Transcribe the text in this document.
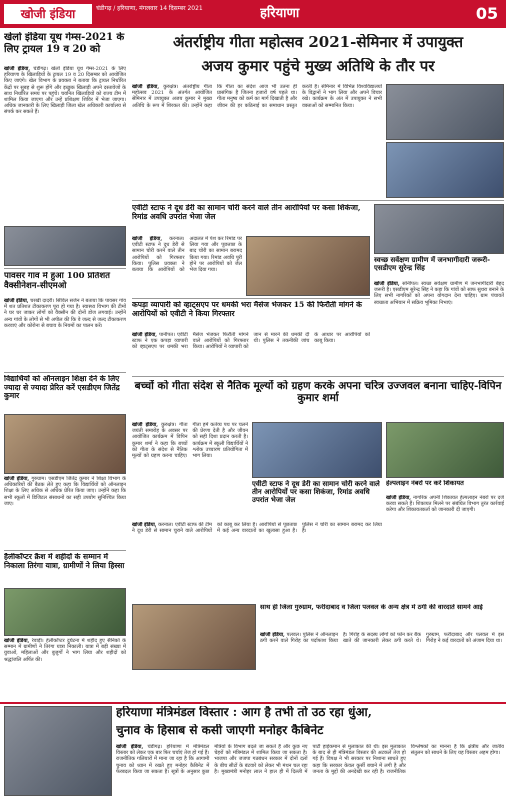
खोजी इंडिया	चंडीगढ़ / हरियाणा, मंगलवार 14 दिसम्बर 2021	हरियाणा	05
खेलो इंडिया यूथ गेम्स-2021 के लिए ट्रायल 19 व 20 को
खोजी इंडिया, चंडीगढ़। खेलो इंडिया यूथ गेम्स-2021 के लिए हरियाणा के खिलाड़ियों के ट्रायल 19 व 20 दिसम्बर को आयोजित किए जाएंगे। खेल विभाग के प्रवक्ता ने बताया कि ट्रायल निर्धारित केंद्रों पर सुबह से शुरू होंगे और इच्छुक खिलाड़ी अपने दस्तावेजों के साथ निर्धारित समय पर पहुंचें। चयनित खिलाड़ियों को राज्य टीम में शामिल किया जाएगा और उन्हें प्रशिक्षण शिविर में भेजा जाएगा। अधिक जानकारी के लिए खिलाड़ी जिला खेल अधिकारी कार्यालय से संपर्क कर सकते हैं।
पावसर गांव में हुआ 100 प्रतिशत वैक्सीनेशन-सीएमओ
खोजी इंडिया, चरखी दादरी। सिविल सर्जन ने बताया कि पावसर गांव में शत प्रतिशत टीकाकरण पूरा हो गया है। स्वास्थ्य विभाग की टीमों ने घर घर जाकर लोगों को वैक्सीन की दोनों डोज लगवाई। उन्होंने अन्य गांवों के लोगों से भी अपील की कि वे जल्द से जल्द टीकाकरण करवाएं और कोरोना से बचाव के नियमों का पालन करें।
विद्यार्थियों को ऑनलाइन शिक्षा देने के लिए ज्यादा से ज्यादा प्रेरित करें एसडीएम जितेंद्र कुमार
खोजी इंडिया, गुरुग्राम। एसडीएम जितेंद्र कुमार ने शिक्षा विभाग के अधिकारियों की बैठक लेते हुए कहा कि विद्यार्थियों को ऑनलाइन शिक्षा के लिए अधिक से अधिक प्रेरित किया जाए। उन्होंने कहा कि सभी स्कूलों में डिजिटल संसाधनों का सही उपयोग सुनिश्चित किया जाए।
हैलीकॉप्टर क्रैश में शहीदों के सम्मान में निकाला तिरंगा यात्रा, ग्रामीणों ने लिया हिस्सा
खोजी इंडिया, रेवाड़ी। हेलीकॉप्टर दुर्घटना में शहीद हुए सैनिकों के सम्मान में ग्रामीणों ने तिरंगा यात्रा निकाली। यात्रा में बड़ी संख्या में युवाओं, महिलाओं और बुजुर्गों ने भाग लिया और शहीदों को श्रद्धांजलि अर्पित की।
अंतर्राष्ट्रीय गीता महोत्सव 2021-सेमिनार में उपायुक्त
अजय कुमार पहुंचे मुख्य अतिथि के तौर पर
खोजी इंडिया, कुरुक्षेत्र। अंतर्राष्ट्रीय गीता महोत्सव 2021 के अंतर्गत आयोजित सेमिनार में उपायुक्त अजय कुमार ने मुख्य अतिथि के रूप में शिरकत की। उन्होंने कहा कि गीता का संदेश आज भी उतना ही प्रासंगिक है जितना हजारों वर्ष पहले था। गीता मनुष्य को कर्म का मार्ग दिखाती है और जीवन की हर कठिनाई का समाधान प्रस्तुत करती है। सेमिनार में विभिन्न विश्वविद्यालयों के विद्वानों ने भाग लिया और अपने विचार रखे। कार्यक्रम के अंत में उपायुक्त ने सभी वक्ताओं को सम्मानित किया।
एवीटी स्टाफ ने दूध डेरी का सामान चोरी करने वाले तीन आरोपियों पर कसा शिकंजा, रिमांड अवधि उपरांत भेजा जेल
खोजी इंडिया, करनाल। एवीटी स्टाफ ने दूध डेरी से सामान चोरी करने वाले तीन आरोपियों को गिरफ्तार किया। पुलिस प्रवक्ता ने बताया कि आरोपियों को अदालत में पेश कर रिमांड पर लिया गया और पूछताछ के बाद चोरी का सामान बरामद किया गया। रिमांड अवधि पूरी होने पर आरोपियों को जेल भेज दिया गया।
कपड़ा व्यापारी को व्हाट्सएप पर धमकी भरा मैसेज भेजकर 15 की फिरौती मांगने के आरोपियों को एवीटी ने किया गिरफ्तार
खोजी इंडिया, पानीपत। एवीटी स्टाफ ने एक कपड़ा व्यापारी को व्हाट्सएप पर धमकी भरा मैसेज भेजकर फिरौती मांगने वाले आरोपियों को गिरफ्तार किया। आरोपियों ने व्यापारी को जान से मारने की धमकी दी थी। पुलिस ने तकनीकी जांच के आधार पर आरोपियों को काबू किया।
स्वच्छ सर्वेक्षण ग्रामीण में जनभागीदारी जरूरी-एसडीएम सुरेन्द्र सिंह
खोजी इंडिया, सोनीपत। स्वच्छ सर्वेक्षण ग्रामीण में जनभागीदारी बेहद जरूरी है। एसडीएम सुरेन्द्र सिंह ने कहा कि गांवों को साफ सुथरा बनाने के लिए सभी नागरिकों को अपना योगदान देना चाहिए। ग्राम पंचायतें स्वच्छता अभियान में सक्रिय भूमिका निभाएं।
बच्चों को गीता संदेश से नैतिक मूल्यों को ग्रहण करके अपना चरित्र उज्जवल बनाना चाहिए-विपिन कुमार शर्मा
खोजी इंडिया, कुरुक्षेत्र। गीता जयंती समारोह के अवसर पर आयोजित कार्यक्रम में विपिन कुमार शर्मा ने कहा कि बच्चों को गीता के संदेश से नैतिक मूल्यों को ग्रहण करना चाहिए। गीता हमें कर्तव्य पथ पर चलने की प्रेरणा देती है और जीवन को सही दिशा प्रदान करती है। कार्यक्रम में स्कूली विद्यार्थियों ने श्लोक उच्चारण प्रतियोगिता में भाग लिया।
एवीटी स्टाफ ने दूध डेरी का सामान चोरी करने वाले तीन आरोपियों पर कसा शिकंजा, रिमांड अवधि उपरांत भेजा जेल
हेल्पलाइन नंबरों पर करें शिकायत
खोजी इंडिया, नागरिक अपनी शिकायत हेल्पलाइन नंबरों पर दर्ज करवा सकते हैं। शिकायत मिलने पर संबंधित विभाग तुरंत कार्रवाई करेगा और शिकायतकर्ता को जानकारी दी जाएगी।
खोजी इंडिया, करनाल। एवीटी स्टाफ की टीम ने दूध डेरी से सामान चुराने वाले आरोपियों को काबू कर लिया है। आरोपियों से पूछताछ में कई अन्य वारदातों का खुलासा हुआ है। पुलिस ने चोरी का सामान बरामद कर लिया है।
साथ ही जिला गुरुग्राम, फरीदाबाद व जिला पलवल के अन्य क्षेत्र में ठगी की वारदातें सामने आई
खोजी इंडिया, पलवल। पुलिस ने ऑनलाइन ठगी करने वाले गिरोह का पर्दाफाश किया है। गिरोह के सदस्य लोगों को फोन कर बैंक खाते की जानकारी लेकर ठगी करते थे। गुरुग्राम, फरीदाबाद और पलवल में इस गिरोह ने कई वारदातों को अंजाम दिया था।
हरियाणा मंत्रिमंडल विस्तार : आग है तभी तो उठ रहा धुंआ,
चुनाव के हिसाब से कसी जाएगी मनोहर कैबिनेट
खोजी इंडिया, चंडीगढ़। हरियाणा में मंत्रिमंडल विस्तार को लेकर एक बार फिर चर्चाएं तेज हो गई हैं। राजनीतिक गलियारों में माना जा रहा है कि आगामी चुनाव को ध्यान में रखते हुए मनोहर कैबिनेट में फेरबदल किया जा सकता है। सूत्रों के अनुसार कुछ मंत्रियों के विभाग बदले जा सकते हैं और कुछ नए चेहरों को मंत्रिमंडल में शामिल किया जा सकता है। भाजपा और जजपा गठबंधन सरकार में दोनों दलों के बीच सीटों के बंटवारे को लेकर भी मंथन चल रहा है। मुख्यमंत्री मनोहर लाल ने हाल ही में दिल्ली में पार्टी हाईकमान से मुलाकात की थी। इस मुलाकात के बाद से ही मंत्रिमंडल विस्तार की अटकलें तेज हो गई हैं। विपक्ष ने भी सरकार पर निशाना साधते हुए कहा कि सरकार केवल कुर्सी बचाने में लगी है और जनता के मुद्दों की अनदेखी कर रही है। राजनीतिक विश्लेषकों का मानना है कि क्षेत्रीय और जातीय संतुलन को साधने के लिए यह विस्तार अहम होगा।
